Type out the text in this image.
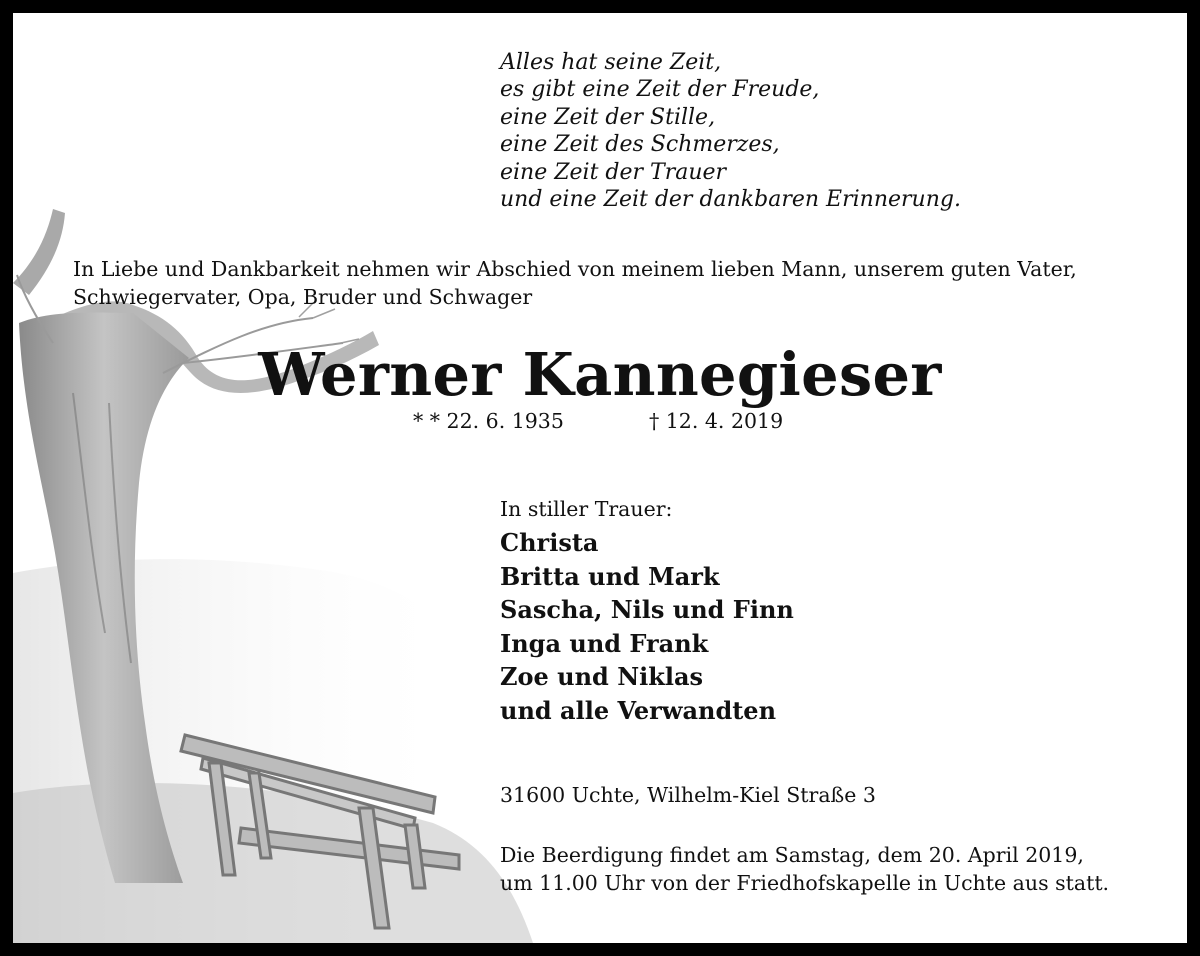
Alles hat seine Zeit,
es gibt eine Zeit der Freude,
eine Zeit der Stille,
eine Zeit des Schmerzes,
eine Zeit der Trauer
und eine Zeit der dankbaren Erinnerung.

In Liebe und Dankbarkeit nehmen wir Abschied von meinem lieben Mann, unserem guten Vater, Schwiegervater, Opa, Bruder und Schwager

Werner Kannegieser
* * 22. 6. 1935	† 12. 4. 2019
In stiller Trauer:
Christa
Britta und Mark
Sascha, Nils und Finn
Inga und Frank
Zoe und Niklas
und alle Verwandten
31600 Uchte, Wilhelm-Kiel Straße 3
Die Beerdigung findet am Samstag, dem 20. April 2019,
um 11.00 Uhr von der Friedhofskapelle in Uchte aus statt.
